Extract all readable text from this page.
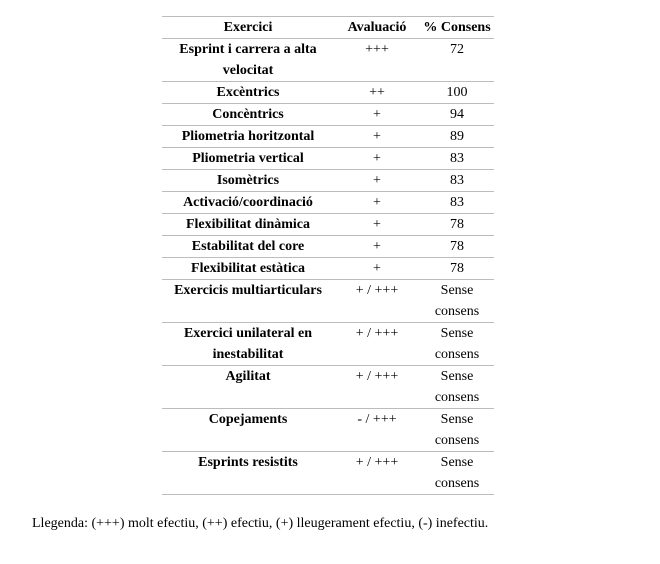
Exercici	Avaluació	% Consens
Esprint i carrera a alta velocitat	+++	72
Excèntrics	++	100
Concèntrics	+	94
Pliometria horitzontal	+	89
Pliometria vertical	+	83
Isomètrics	+	83
Activació/coordinació	+	83
Flexibilitat dinàmica	+	78
Estabilitat del core	+	78
Flexibilitat estàtica	+	78
Exercicis multiarticulars	+ / +++	Sense consens
Exercici unilateral en inestabilitat	+ / +++	Sense consens
Agilitat	+ / +++	Sense consens
Copejaments	- / +++	Sense consens
Esprints resistits	+ / +++	Sense consens
Llegenda: (+++) molt efectiu, (++) efectiu, (+) lleugerament efectiu, (-) inefectiu.
